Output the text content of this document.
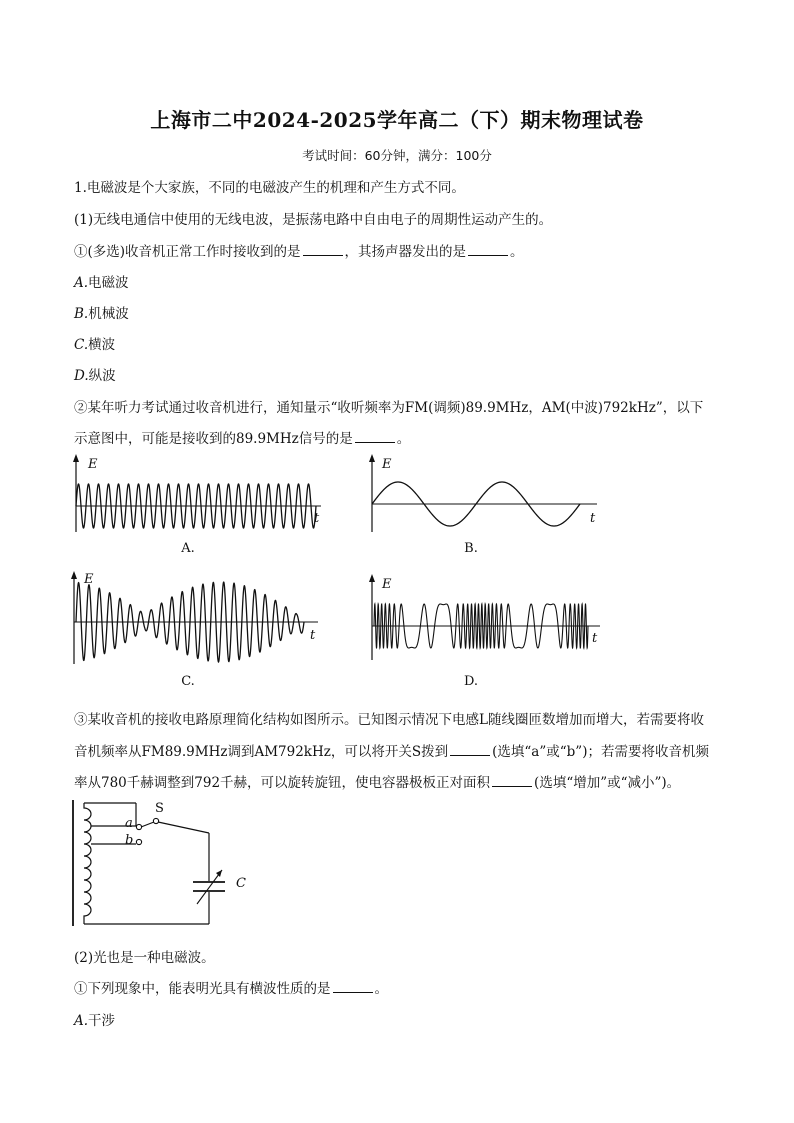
上海市二中2024-2025学年高二（下）期末物理试卷
考试时间：60分钟，满分：100分
1.电磁波是个大家族，不同的电磁波产生的机理和产生方式不同。
(1)无线电通信中使用的无线电波，是振荡电路中自由电子的周期性运动产生的。
①(多选)收音机正常工作时接收到的是	，其扬声器发出的是	。
A.电磁波
B.机械波
C.横波
D.纵波
②某年听力考试通过收音机进行，通知量示“收听频率为FM(调频)89.9MHz，AM(中波)792kHz”，以下
示意图中，可能是接收到的89.9MHz信号的是	。
E
t
A.
E
t
B.
E
t
C.
E
t
D.
③某收音机的接收电路原理简化结构如图所示。已知图示情况下电感L随线圈匝数增加而增大，若需要将收
音机频率从FM89.9MHz调到AM792kHz，可以将开关S拨到	(选填“a”或“b”)；若需要将收音机频
率从780千赫调整到792千赫，可以旋转旋钮，使电容器极板正对面积	(选填“增加”或“减小”)。
a
b
S
C
(2)光也是一种电磁波。
①下列现象中，能表明光具有横波性质的是	。
A.干涉
